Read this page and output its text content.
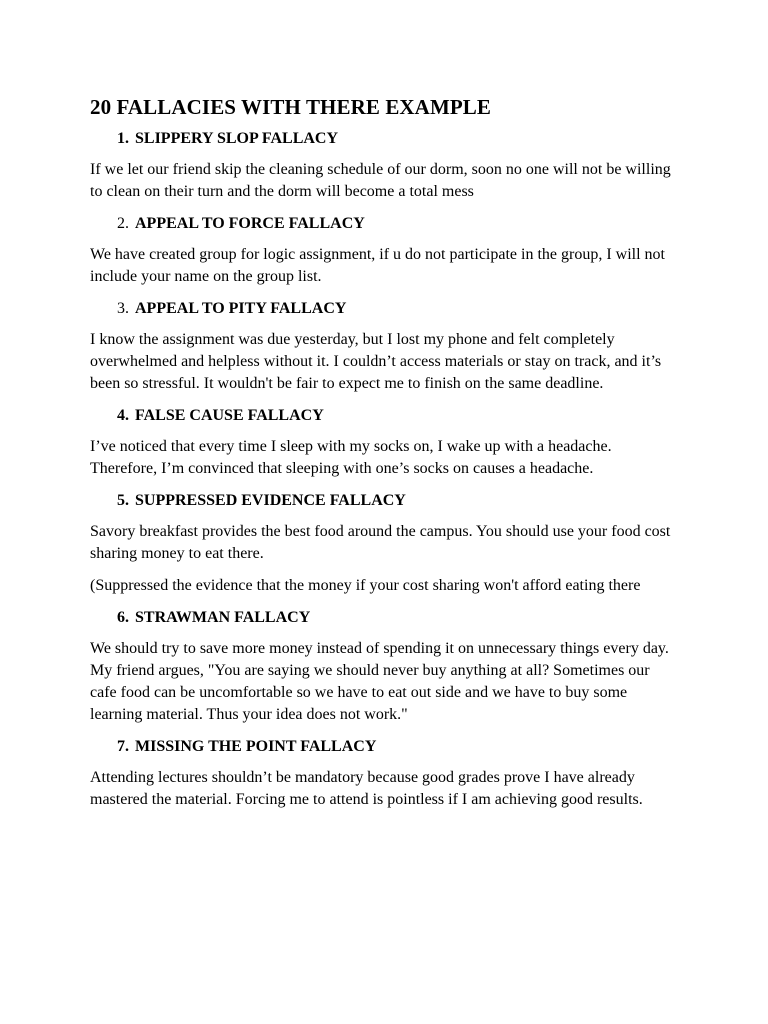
20 FALLACIES WITH THERE EXAMPLE
1. SLIPPERY SLOP FALLACY

If we let our friend skip the cleaning schedule of our dorm, soon no one will not be willing to clean on their turn and the dorm will become a total mess

2. APPEAL TO FORCE FALLACY

We have created group for logic assignment, if u do not participate in the group, I will not include your name on the group list.

3. APPEAL TO PITY FALLACY

I know the assignment was due yesterday, but I lost my phone and felt completely overwhelmed and helpless without it. I couldn’t access materials or stay on track, and it’s been so stressful. It wouldn't be fair to expect me to finish on the same deadline.

4. FALSE CAUSE FALLACY

I’ve noticed that every time I sleep with my socks on, I wake up with a headache. Therefore, I’m convinced that sleeping with one’s socks on causes a headache.

5. SUPPRESSED EVIDENCE FALLACY

Savory breakfast provides the best food around the campus. You should use your food cost sharing money to eat there.

(Suppressed the evidence that the money if your cost sharing won't afford eating there

6. STRAWMAN FALLACY

We should try to save more money instead of spending it on unnecessary things every day. My friend argues, "You are saying we should never buy anything at all? Sometimes our cafe food can be uncomfortable so we have to eat out side and we have to buy some learning material. Thus your idea does not work."

7. MISSING THE POINT FALLACY

Attending lectures shouldn’t be mandatory because good grades prove I have already mastered the material. Forcing me to attend is pointless if I am achieving good results.
